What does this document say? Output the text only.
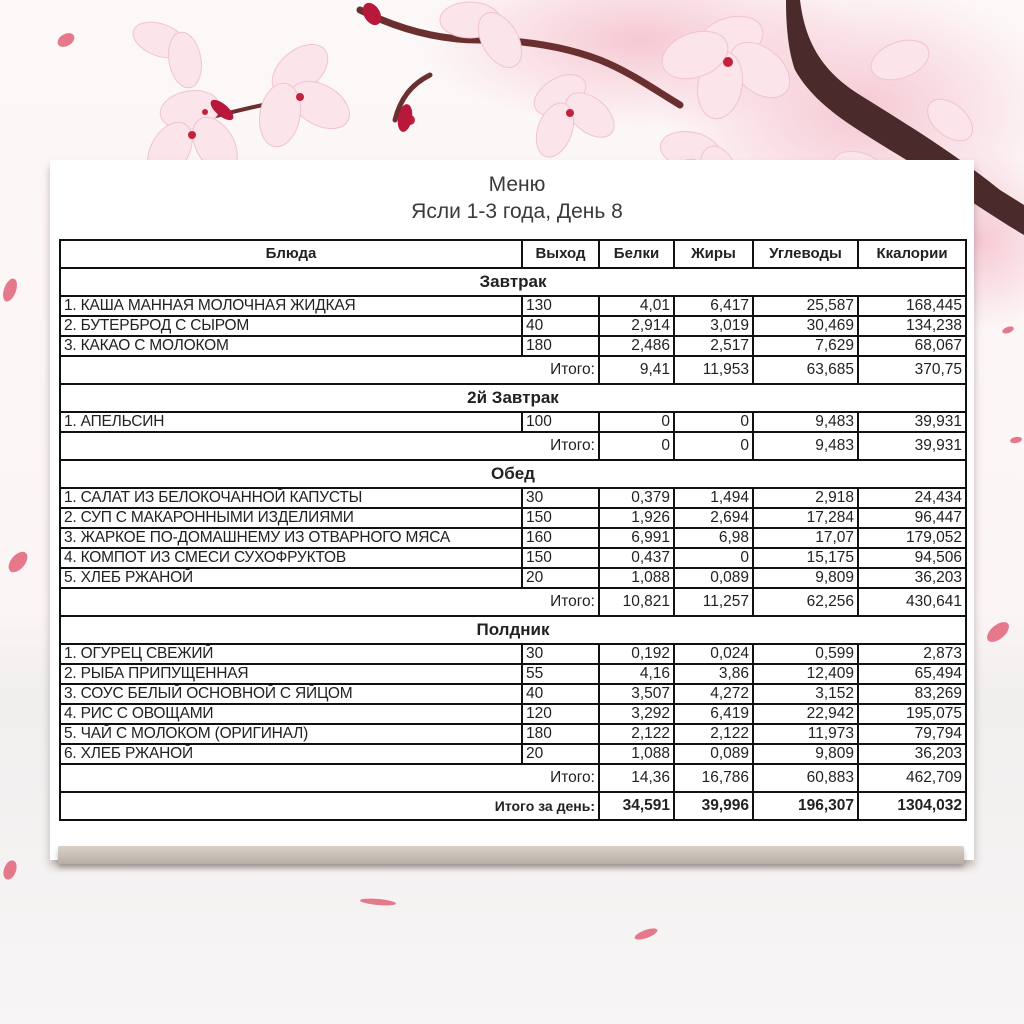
Меню
Ясли 1-3 года, День 8
Блюда	Выход	Белки	Жиры	Углеводы	Ккалории
Завтрак					
1. КАША МАННАЯ МОЛОЧНАЯ ЖИДКАЯ	130	4,01	6,417	25,587	168,445
2. БУТЕРБРОД С СЫРОМ	40	2,914	3,019	30,469	134,238
3. КАКАО С МОЛОКОМ	180	2,486	2,517	7,629	68,067
Итого:		9,41	11,953	63,685	370,75
2й Завтрак					
1. АПЕЛЬСИН	100	0	0	9,483	39,931
Итого:		0	0	9,483	39,931
Обед					
1. САЛАТ ИЗ БЕЛОКОЧАННОЙ КАПУСТЫ	30	0,379	1,494	2,918	24,434
2. СУП С МАКАРОННЫМИ ИЗДЕЛИЯМИ	150	1,926	2,694	17,284	96,447
3. ЖАРКОЕ ПО-ДОМАШНЕМУ ИЗ ОТВАРНОГО МЯСА	160	6,991	6,98	17,07	179,052
4. КОМПОТ ИЗ СМЕСИ СУХОФРУКТОВ	150	0,437	0	15,175	94,506
5. ХЛЕБ РЖАНОЙ	20	1,088	0,089	9,809	36,203
Итого:		10,821	11,257	62,256	430,641
Полдник					
1. ОГУРЕЦ СВЕЖИЙ	30	0,192	0,024	0,599	2,873
2. РЫБА ПРИПУЩЕННАЯ	55	4,16	3,86	12,409	65,494
3. СОУС БЕЛЫЙ ОСНОВНОЙ С ЯЙЦОМ	40	3,507	4,272	3,152	83,269
4. РИС С ОВОЩАМИ	120	3,292	6,419	22,942	195,075
5. ЧАЙ С МОЛОКОМ (ОРИГИНАЛ)	180	2,122	2,122	11,973	79,794
6. ХЛЕБ РЖАНОЙ	20	1,088	0,089	9,809	36,203
Итого:		14,36	16,786	60,883	462,709
Итого за день:		34,591	39,996	196,307	1304,032
